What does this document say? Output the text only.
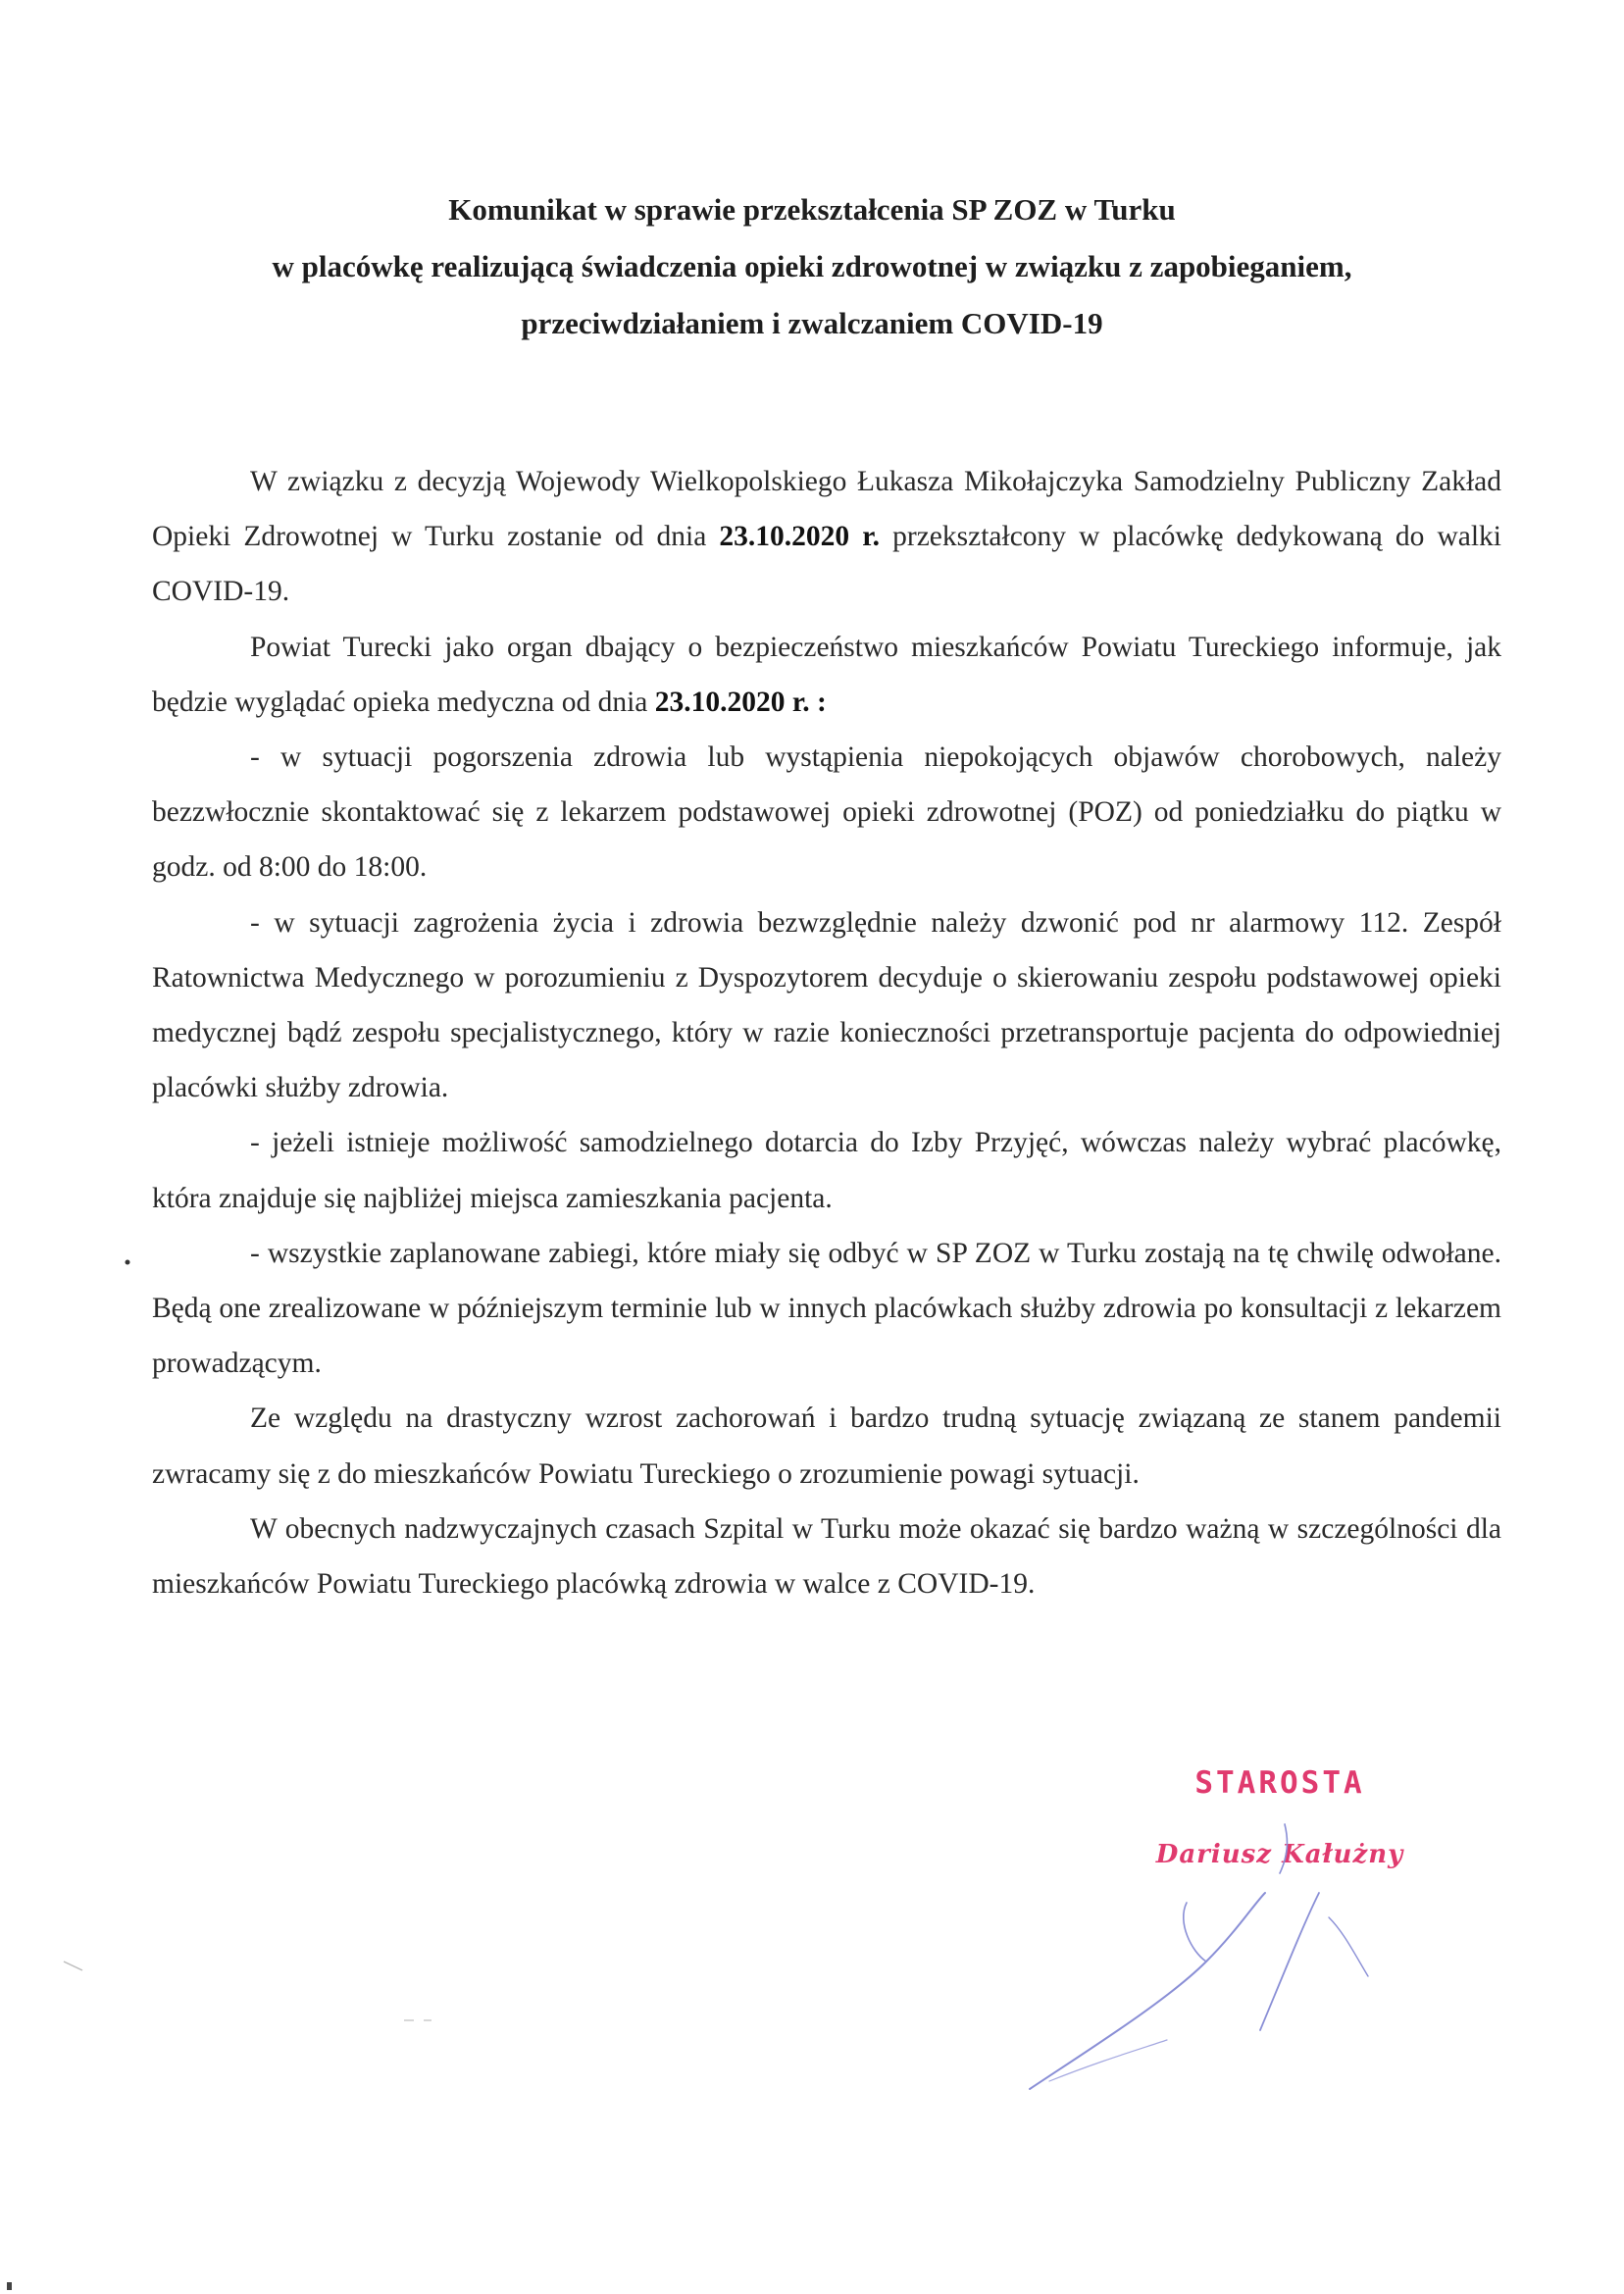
Komunikat w sprawie przekształcenia SP ZOZ w Turku
w placówkę realizującą świadczenia opieki zdrowotnej w związku z zapobieganiem,
przeciwdziałaniem i zwalczaniem COVID-19

W związku z decyzją Wojewody Wielkopolskiego Łukasza Mikołajczyka Samodzielny Publiczny Zakład Opieki Zdrowotnej w Turku zostanie od dnia 23.10.2020 r. przekształcony w placówkę dedykowaną do walki COVID-19.

Powiat Turecki jako organ dbający o bezpieczeństwo mieszkańców Powiatu Tureckiego informuje, jak będzie wyglądać opieka medyczna od dnia 23.10.2020 r. :

- w sytuacji pogorszenia zdrowia lub wystąpienia niepokojących objawów chorobowych, należy bezzwłocznie skontaktować się z lekarzem podstawowej opieki zdrowotnej (POZ) od poniedziałku do piątku w godz. od 8:00 do 18:00.

- w sytuacji zagrożenia życia i zdrowia bezwzględnie należy dzwonić pod nr alarmowy 112. Zespół Ratownictwa Medycznego w porozumieniu z Dyspozytorem decyduje o skierowaniu zespołu podstawowej opieki medycznej bądź zespołu specjalistycznego, który w razie konieczności przetransportuje pacjenta do odpowiedniej placówki służby zdrowia.

- jeżeli istnieje możliwość samodzielnego dotarcia do Izby Przyjęć, wówczas należy wybrać placówkę, która znajduje się najbliżej miejsca zamieszkania pacjenta.

- wszystkie zaplanowane zabiegi, które miały się odbyć w SP ZOZ w Turku zostają na tę chwilę odwołane. Będą one zrealizowane w późniejszym terminie lub w innych placówkach służby zdrowia po konsultacji z lekarzem prowadzącym.

Ze względu na drastyczny wzrost zachorowań i bardzo trudną sytuację związaną ze stanem pandemii zwracamy się z do mieszkańców Powiatu Tureckiego o zrozumienie powagi sytuacji.

W obecnych nadzwyczajnych czasach Szpital w Turku może okazać się bardzo ważną w szczególności dla mieszkańców Powiatu Tureckiego placówką zdrowia w walce z COVID-19.

STAROSTA
Dariusz Kałużny
